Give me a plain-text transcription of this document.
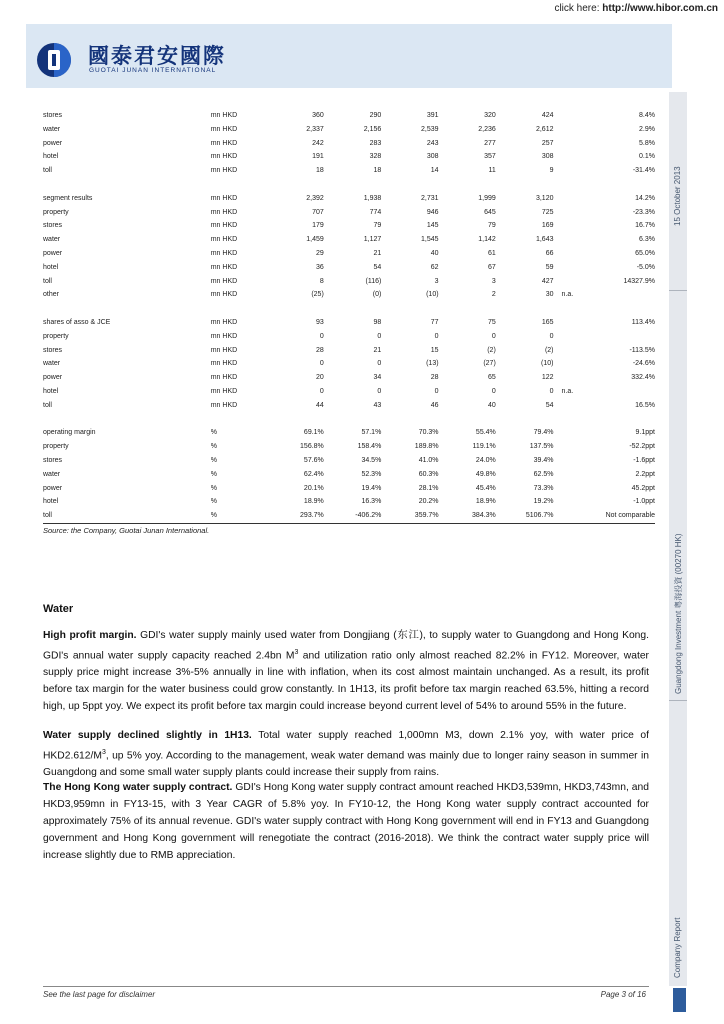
click here: http://www.hibor.com.cn
國泰君安國際
GUOTAI JUNAN INTERNATIONAL
15 October 2013
Guangdong Investment 粵海投資 (00270 HK)
Company Report
stores	mn HKD	360	290	391	320	424		8.4%
water	mn HKD	2,337	2,156	2,539	2,236	2,612		2.9%
power	mn HKD	242	283	243	277	257		5.8%
hotel	mn HKD	191	328	308	357	308		0.1%
toll	mn HKD	18	18	14	11	9		-31.4%

segment results	mn HKD	2,392	1,938	2,731	1,999	3,120		14.2%
property	mn HKD	707	774	946	645	725		-23.3%
stores	mn HKD	179	79	145	79	169		16.7%
water	mn HKD	1,459	1,127	1,545	1,142	1,643		6.3%
power	mn HKD	29	21	40	61	66		65.0%
hotel	mn HKD	36	54	62	67	59		-5.0%
toll	mn HKD	8	(116)	3	3	427		14327.9%
other	mn HKD	(25)	(0)	(10)	2	30	n.a.	

shares of asso & JCE	mn HKD	93	98	77	75	165		113.4%
property	mn HKD	0	0	0	0	0		
stores	mn HKD	28	21	15	(2)	(2)		-113.5%
water	mn HKD	0	0	(13)	(27)	(10)		-24.6%
power	mn HKD	20	34	28	65	122		332.4%
hotel	mn HKD	0	0	0	0	0	n.a.	
toll	mn HKD	44	43	46	40	54		16.5%

operating margin	%	69.1%	57.1%	70.3%	55.4%	79.4%		9.1ppt
property	%	156.8%	158.4%	189.8%	119.1%	137.5%		-52.2ppt
stores	%	57.6%	34.5%	41.0%	24.0%	39.4%		-1.6ppt
water	%	62.4%	52.3%	60.3%	49.8%	62.5%		2.2ppt
power	%	20.1%	19.4%	28.1%	45.4%	73.3%		45.2ppt
hotel	%	18.9%	16.3%	20.2%	18.9%	19.2%		-1.0ppt
toll	%	293.7%	-406.2%	359.7%	384.3%	5106.7%		Not comparable
Source: the Company, Guotai Junan International.
Water

High profit margin. GDI's water supply mainly used water from Dongjiang (东江), to supply water to Guangdong and Hong Kong. GDI's annual water supply capacity reached 2.4bn $M^3$ and utilization ratio only almost reached 82.2% in FY12. Moreover, water supply price might increase 3%-5% annually in line with inflation, when its cost almost maintain unchanged. As a result, its profit before tax margin for the water business could grow constantly. In 1H13, its profit before tax margin reached 63.5%, hitting a record high, up 5ppt yoy. We expect its profit before tax margin could increase beyond current level of 54% to around 55% in the future.

Water supply declined slightly in 1H13. Total water supply reached 1,000mn M3, down 2.1% yoy, with water price of $HKD2.612/M^3$, up 5% yoy. According to the management, weak water demand was mainly due to longer rainy season in summer in Guangdong and some small water supply plants could increase their supply from rains.

The Hong Kong water supply contract. GDI's Hong Kong water supply contract amount reached HKD3,539mn, HKD3,743mn, and HKD3,959mn in FY13-15, with 3 Year CAGR of 5.8% yoy. In FY10-12, the Hong Kong water supply contract accounted for approximately 75% of its annual revenue. GDI's water supply contract with Hong Kong government will end in FY13 and Guangdong government and Hong Kong government will renegotiate the contract (2016-2018). We think the contract water supply price will increase slightly due to RMB appreciation.

See the last page for disclaimer	Page 3 of 16
